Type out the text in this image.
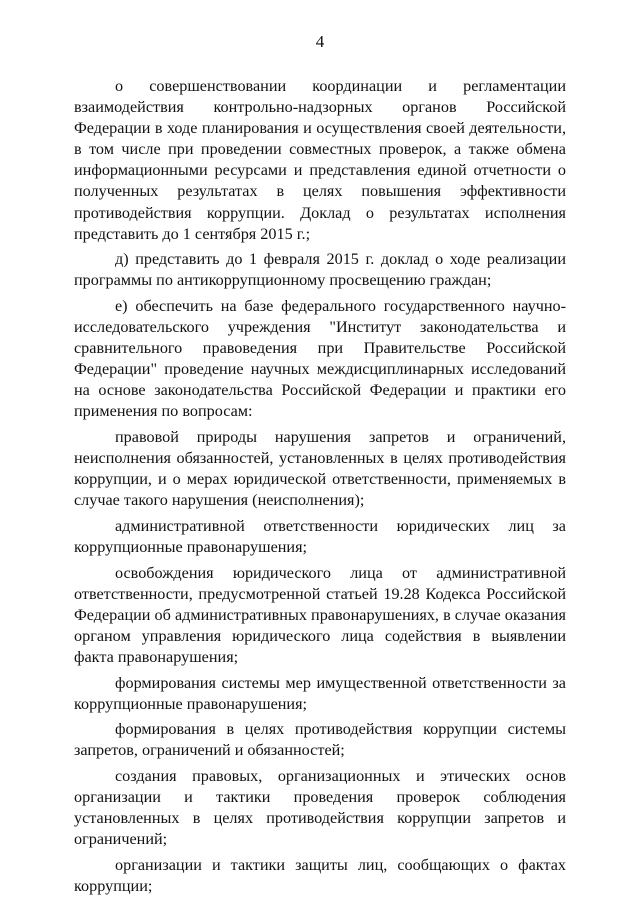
4

о совершенствовании координации и регламентации взаимодействия контрольно-надзорных органов Российской Федерации в ходе планирования и осуществления своей деятельности, в том числе при проведении совместных проверок, а также обмена информационными ресурсами и представления единой отчетности о полученных результатах в целях повышения эффективности противодействия коррупции. Доклад о результатах исполнения представить до 1 сентября 2015 г.;

д) представить до 1 февраля 2015 г. доклад о ходе реализации программы по антикоррупционному просвещению граждан;

е) обеспечить на базе федерального государственного научно-исследовательского учреждения "Институт законодательства и сравнительного правоведения при Правительстве Российской Федерации" проведение научных междисциплинарных исследований на основе законодательства Российской Федерации и практики его применения по вопросам:

правовой природы нарушения запретов и ограничений, неисполнения обязанностей, установленных в целях противодействия коррупции, и о мерах юридической ответственности, применяемых в случае такого нарушения (неисполнения);

административной ответственности юридических лиц за коррупционные правонарушения;

освобождения юридического лица от административной ответственности, предусмотренной статьей 19.28 Кодекса Российской Федерации об административных правонарушениях, в случае оказания органом управления юридического лица содействия в выявлении факта правонарушения;

формирования системы мер имущественной ответственности за коррупционные правонарушения;

формирования в целях противодействия коррупции системы запретов, ограничений и обязанностей;

создания правовых, организационных и этических основ организации и тактики проведения проверок соблюдения установленных в целях противодействия коррупции запретов и ограничений;

организации и тактики защиты лиц, сообщающих о фактах коррупции;
